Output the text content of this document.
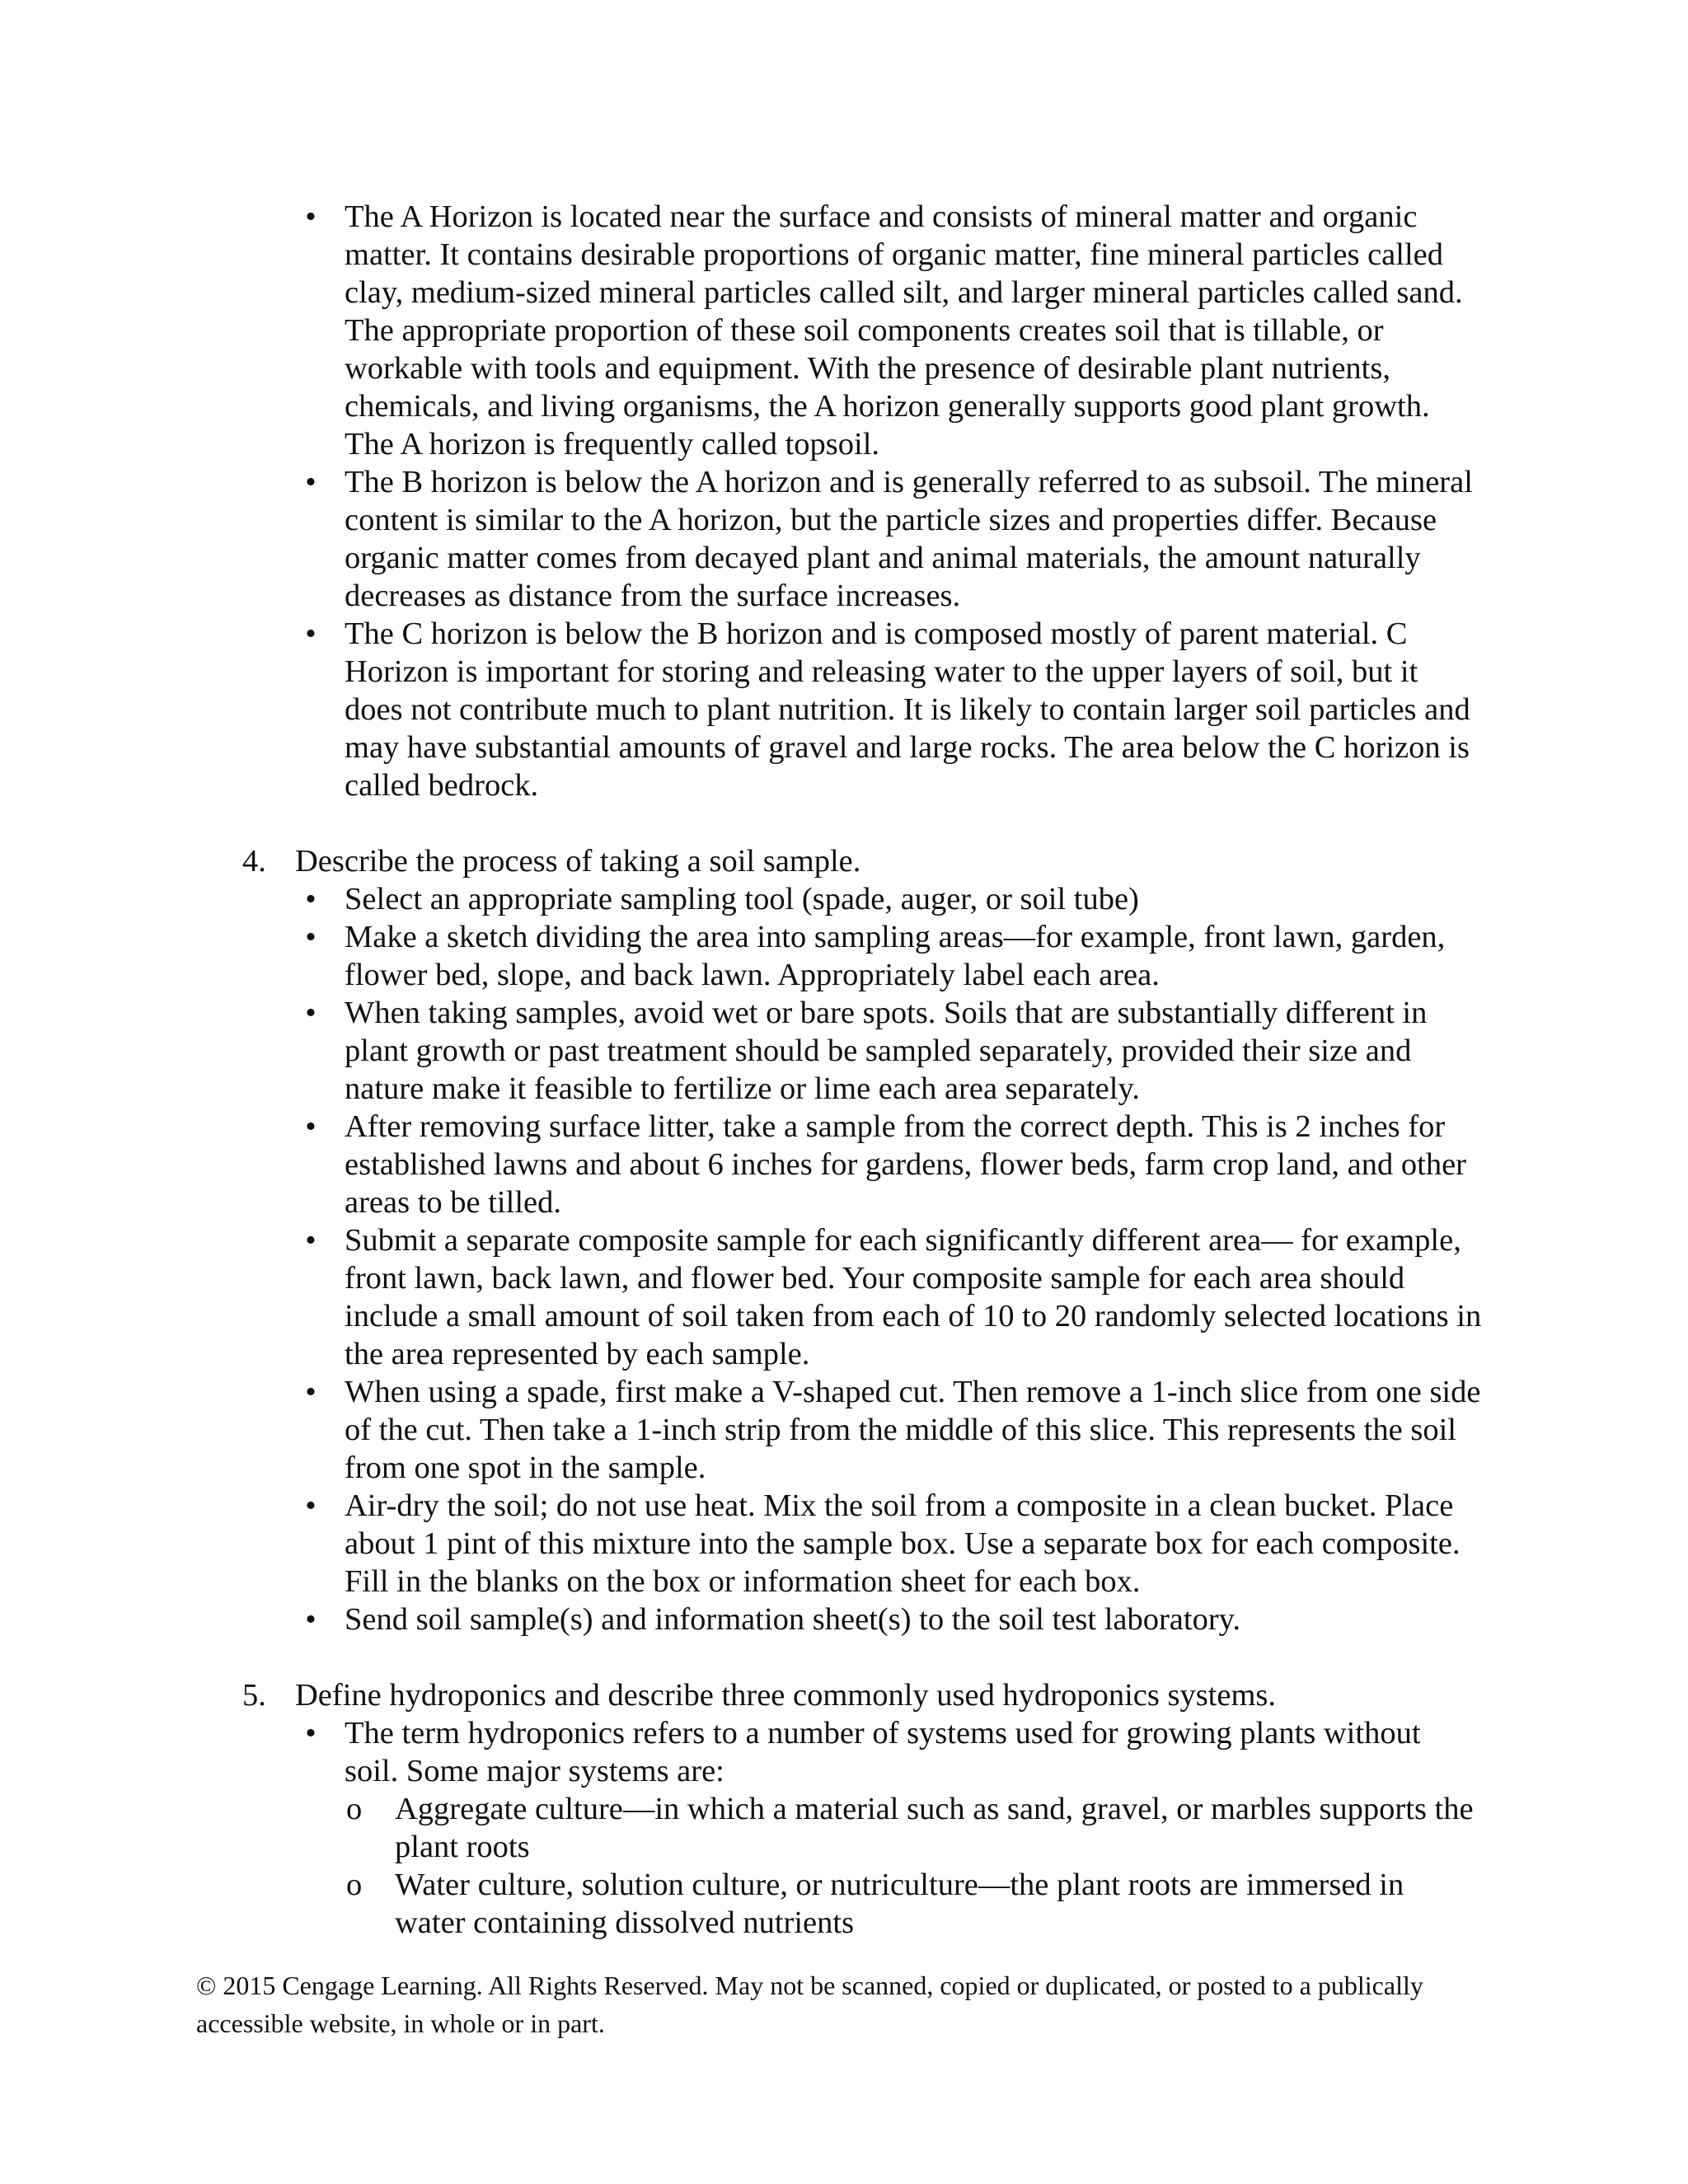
• The A Horizon is located near the surface and consists of mineral matter and organic matter. It contains desirable proportions of organic matter, fine mineral particles called clay, medium-sized mineral particles called silt, and larger mineral particles called sand. The appropriate proportion of these soil components creates soil that is tillable, or workable with tools and equipment. With the presence of desirable plant nutrients, chemicals, and living organisms, the A horizon generally supports good plant growth. The A horizon is frequently called topsoil.
• The B horizon is below the A horizon and is generally referred to as subsoil. The mineral content is similar to the A horizon, but the particle sizes and properties differ. Because organic matter comes from decayed plant and animal materials, the amount naturally decreases as distance from the surface increases.
• The C horizon is below the B horizon and is composed mostly of parent material. C Horizon is important for storing and releasing water to the upper layers of soil, but it does not contribute much to plant nutrition. It is likely to contain larger soil particles and may have substantial amounts of gravel and large rocks. The area below the C horizon is called bedrock.
4. Describe the process of taking a soil sample.
• Select an appropriate sampling tool (spade, auger, or soil tube)
• Make a sketch dividing the area into sampling areas—for example, front lawn, garden, flower bed, slope, and back lawn. Appropriately label each area.
• When taking samples, avoid wet or bare spots. Soils that are substantially different in plant growth or past treatment should be sampled separately, provided their size and nature make it feasible to fertilize or lime each area separately.
• After removing surface litter, take a sample from the correct depth. This is 2 inches for established lawns and about 6 inches for gardens, flower beds, farm crop land, and other areas to be tilled.
• Submit a separate composite sample for each significantly different area— for example, front lawn, back lawn, and flower bed. Your composite sample for each area should include a small amount of soil taken from each of 10 to 20 randomly selected locations in the area represented by each sample.
• When using a spade, first make a V-shaped cut. Then remove a 1-inch slice from one side of the cut. Then take a 1-inch strip from the middle of this slice. This represents the soil from one spot in the sample.
• Air-dry the soil; do not use heat. Mix the soil from a composite in a clean bucket. Place about 1 pint of this mixture into the sample box. Use a separate box for each composite. Fill in the blanks on the box or information sheet for each box.
• Send soil sample(s) and information sheet(s) to the soil test laboratory.
5. Define hydroponics and describe three commonly used hydroponics systems.
• The term hydroponics refers to a number of systems used for growing plants without soil. Some major systems are:
o Aggregate culture—in which a material such as sand, gravel, or marbles supports the plant roots
o Water culture, solution culture, or nutriculture—the plant roots are immersed in water containing dissolved nutrients
© 2015 Cengage Learning. All Rights Reserved. May not be scanned, copied or duplicated, or posted to a publically accessible website, in whole or in part.
